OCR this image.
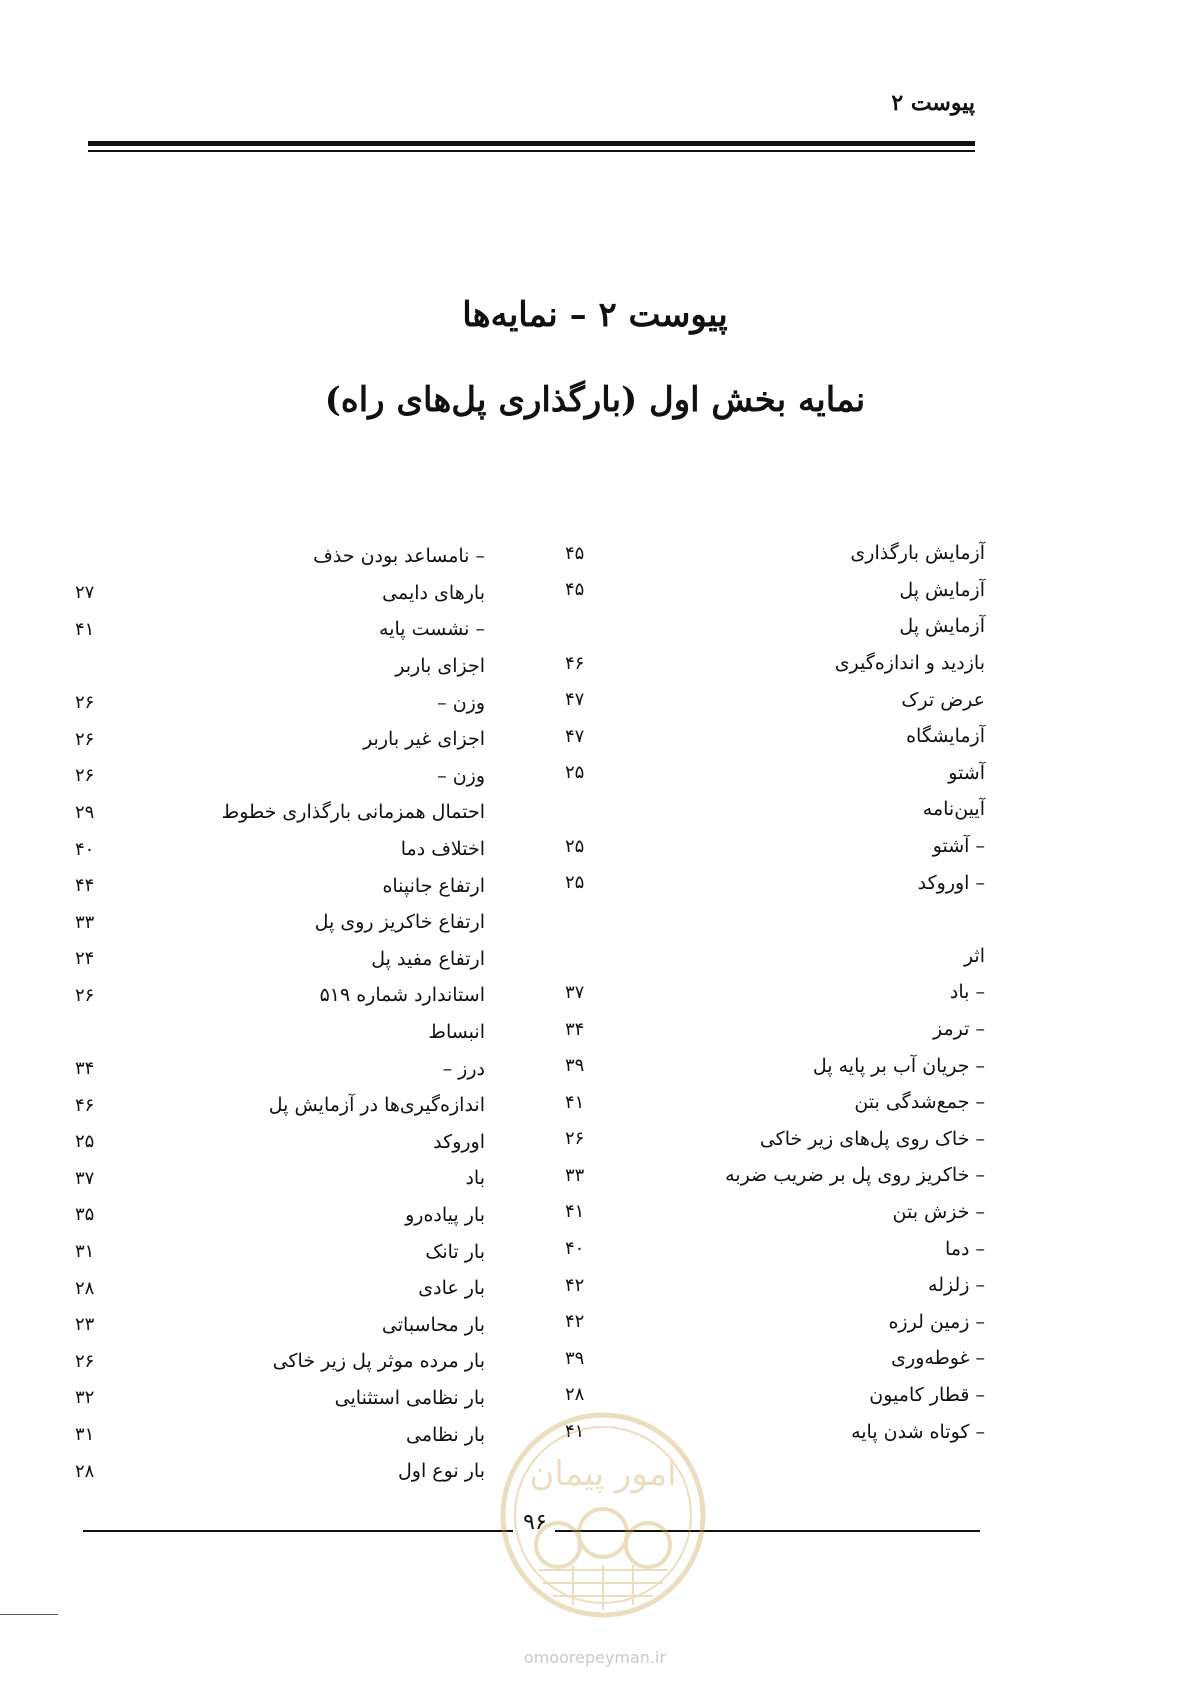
پیوست ۲
پیوست ۲ – نمایه‌ها
نمایه بخش اول (بارگذاری پل‌های راه)
آزمایش بارگذاری
۴۵
آزمایش پل
۴۵
آزمایش پل
بازدید و اندازه‌گیری
۴۶
عرض ترک
۴۷
آزمایشگاه
۴۷
آشتو
۲۵
آیین‌نامه
– آشتو
۲۵
– اوروکد
۲۵
اثر
– باد
۳۷
– ترمز
۳۴
– جریان آب بر پایه پل
۳۹
– جمع‌شدگی بتن
۴۱
– خاک روی پل‌های زیر خاکی
۲۶
– خاکریز روی پل بر ضریب ضربه
۳۳
– خزش بتن
۴۱
– دما
۴۰
– زلزله
۴۲
– زمین لرزه
۴۲
– غوطه‌وری
۳۹
– قطار کامیون
۲۸
– کوتاه شدن پایه
۴۱
– نامساعد بودن حذف
بارهای دایمی
۲۷
– نشست پایه
۴۱
اجزای باربر
وزن –
۲۶
اجزای غیر باربر
۲۶
وزن –
۲۶
احتمال همزمانی بارگذاری خطوط
۲۹
اختلاف دما
۴۰
ارتفاع جانپناه
۴۴
ارتفاع خاکریز روی پل
۳۳
ارتفاع مفید پل
۲۴
استاندارد شماره ۵۱۹
۲۶
انبساط
درز –
۳۴
اندازه‌گیری‌ها در آزمایش پل
۴۶
اوروکد
۲۵
باد
۳۷
بار پیاده‌رو
۳۵
بار تانک
۳۱
بار عادی
۲۸
بار محاسباتی
۲۳
بار مرده موثر پل زیر خاکی
۲۶
بار نظامی استثنایی
۳۲
بار نظامی
۳۱
بار نوع اول
۲۸
۹۶
امور پیمان
omoorepeyman.ir
